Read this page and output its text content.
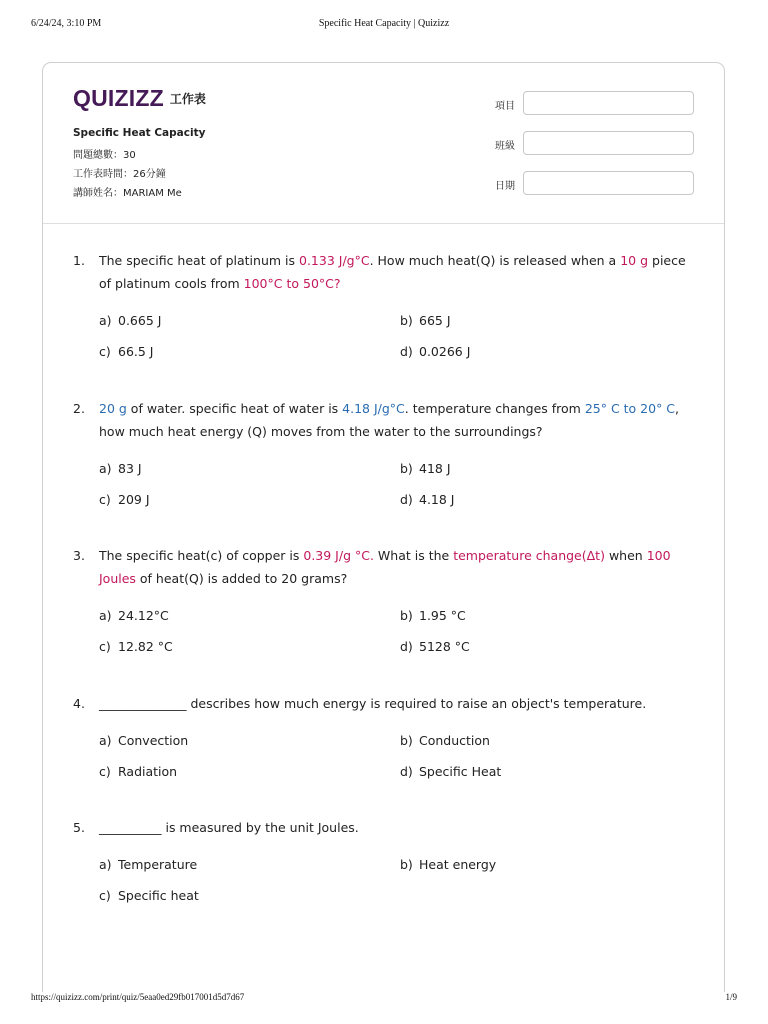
6/24/24, 3:10 PM	Specific Heat Capacity | Quizizz
QUIZIZZ 工作表
Specific Heat Capacity
問題總數：30
工作表時間：26分鐘
講師姓名：MARIAM Me
項目
班級
日期
1. The specific heat of platinum is 0.133 J/g°C. How much heat(Q) is released when a 10 g piece of platinum cools from 100°C to 50°C?
a) 0.665 J	b) 665 J
c) 66.5 J	d) 0.0266 J
2. 20 g of water. specific heat of water is 4.18 J/g°C. temperature changes from 25° C to 20° C, how much heat energy (Q) moves from the water to the surroundings?
a) 83 J	b) 418 J
c) 209 J	d) 4.18 J
3. The specific heat(c) of copper is 0.39 J/g °C. What is the temperature change(Δt) when 100 Joules of heat(Q) is added to 20 grams?
a) 24.12°C	b) 1.95 °C
c) 12.82 °C	d) 5128 °C
4. ______________ describes how much energy is required to raise an object's temperature.
a) Convection	b) Conduction
c) Radiation	d) Specific Heat
5. __________ is measured by the unit Joules.
a) Temperature	b) Heat energy
c) Specific heat
https://quizizz.com/print/quiz/5eaa0ed29fb017001d5d7d67	1/9
